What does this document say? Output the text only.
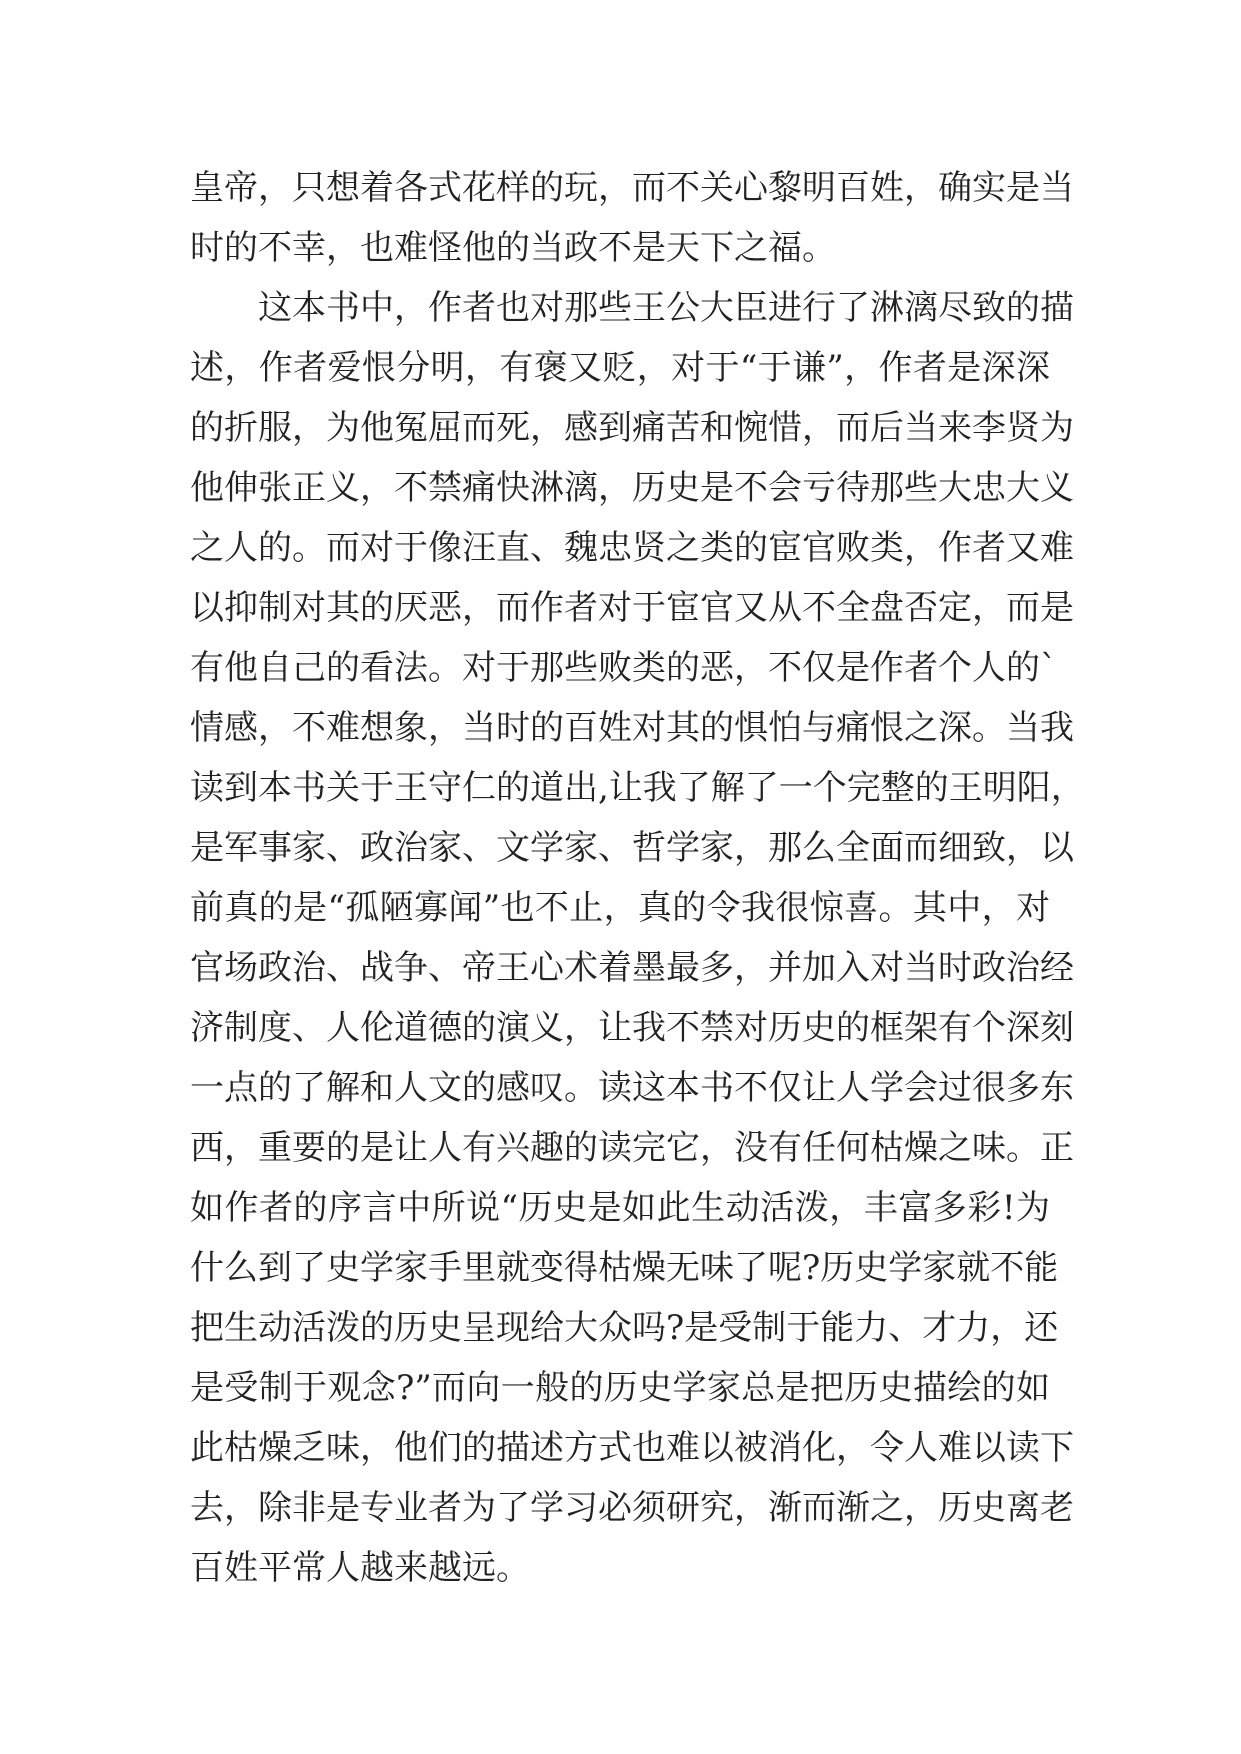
皇帝，只想着各式花样的玩，而不关心黎明百姓，确实是当
时的不幸，也难怪他的当政不是天下之福。
这本书中，作者也对那些王公大臣进行了淋漓尽致的描
述，作者爱恨分明，有褒又贬，对于“于谦”，作者是深深
的折服，为他冤屈而死，感到痛苦和惋惜，而后当来李贤为
他伸张正义，不禁痛快淋漓，历史是不会亏待那些大忠大义
之人的。而对于像汪直、魏忠贤之类的宦官败类，作者又难
以抑制对其的厌恶，而作者对于宦官又从不全盘否定，而是
有他自己的看法。对于那些败类的恶，不仅是作者个人的`
情感，不难想象，当时的百姓对其的惧怕与痛恨之深。当我
读到本书关于王守仁的道出,让我了解了一个完整的王明阳，
是军事家、政治家、文学家、哲学家，那么全面而细致，以
前真的是“孤陋寡闻”也不止，真的令我很惊喜。其中，对
官场政治、战争、帝王心术着墨最多，并加入对当时政治经
济制度、人伦道德的演义，让我不禁对历史的框架有个深刻
一点的了解和人文的感叹。读这本书不仅让人学会过很多东
西，重要的是让人有兴趣的读完它，没有任何枯燥之味。正
如作者的序言中所说“历史是如此生动活泼，丰富多彩!为
什么到了史学家手里就变得枯燥无味了呢?历史学家就不能
把生动活泼的历史呈现给大众吗?是受制于能力、才力，还
是受制于观念?”而向一般的历史学家总是把历史描绘的如
此枯燥乏味，他们的描述方式也难以被消化，令人难以读下
去，除非是专业者为了学习必须研究，渐而渐之，历史离老
百姓平常人越来越远。
